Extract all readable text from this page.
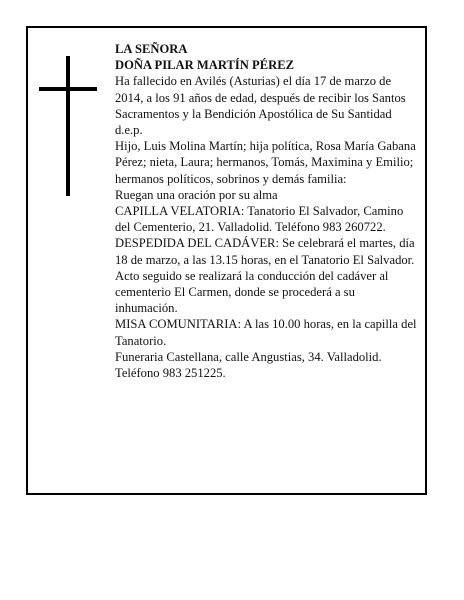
LA SEÑORA

DOÑA PILAR MARTÍN PÉREZ

Ha fallecido en Avilés (Asturias) el día 17 de marzo de 2014, a los 91 años de edad, después de recibir los Santos Sacramentos y la Bendición Apostólica de Su Santidad

d.e.p.

Hijo, Luis Molina Martín; hija política, Rosa María Gabana Pérez; nieta, Laura; hermanos, Tomás, Maximina y Emilio; hermanos políticos, sobrinos y demás familia:

Ruegan una oración por su alma

CAPILLA VELATORIA: Tanatorio El Salvador, Camino del Cementerio, 21. Valladolid. Teléfono 983 260722.

DESPEDIDA DEL CADÁVER: Se celebrará el martes, día 18 de marzo, a las 13.15 horas, en el Tanatorio El Salvador. Acto seguido se realizará la conducción del cadáver al cementerio El Carmen, donde se procederá a su inhumación.

MISA COMUNITARIA: A las 10.00 horas, en la capilla del Tanatorio.

Funeraria Castellana, calle Angustias, 34. Valladolid. Teléfono 983 251225.
